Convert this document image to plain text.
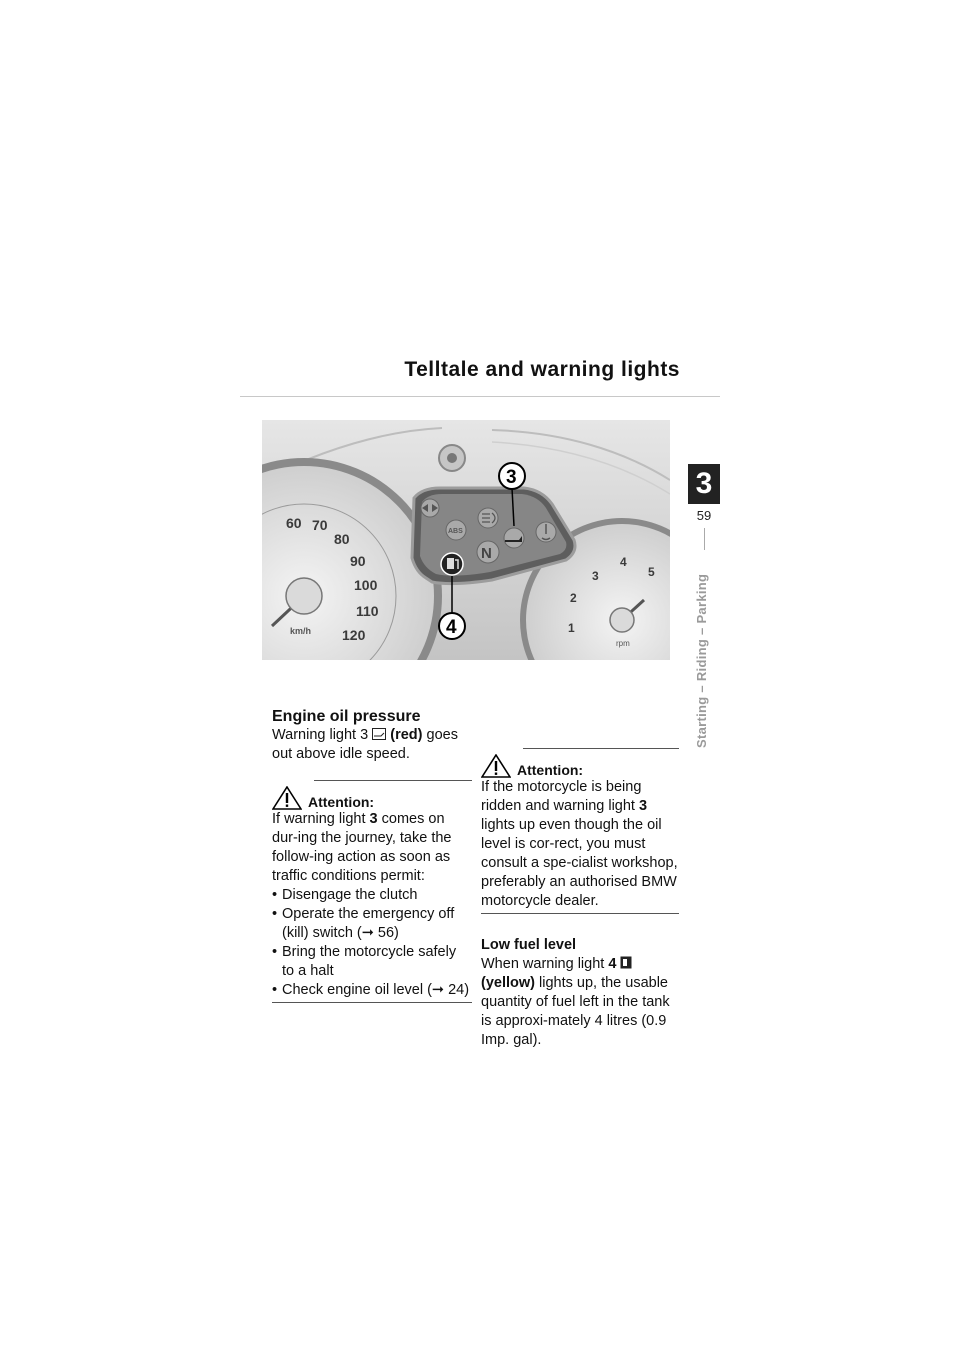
Telltale and warning lights
3
59
Starting – Riding – Parking
60 70
80
90
100
110
120
km/h	1
2
3
4
5
rpm
ABS
N
3
4
Engine oil pressure

Warning light 3  (red) goes out above idle speed.

Attention:

If warning light 3 comes on dur-ing the journey, take the follow-ing action as soon as traffic conditions permit:

• Disengage the clutch
• Operate the emergency off (kill) switch (➞ 56)
• Bring the motorcycle safely to a halt
• Check engine oil level (➞ 24)
Attention:

If the motorcycle is being ridden and warning light 3 lights up even though the oil level is cor-rect, you must consult a spe-cialist workshop, preferably an authorised BMW motorcycle dealer.

Low fuel level

When warning light 4  (yellow) lights up, the usable quantity of fuel left in the tank is approxi-mately 4 litres (0.9 Imp. gal).
